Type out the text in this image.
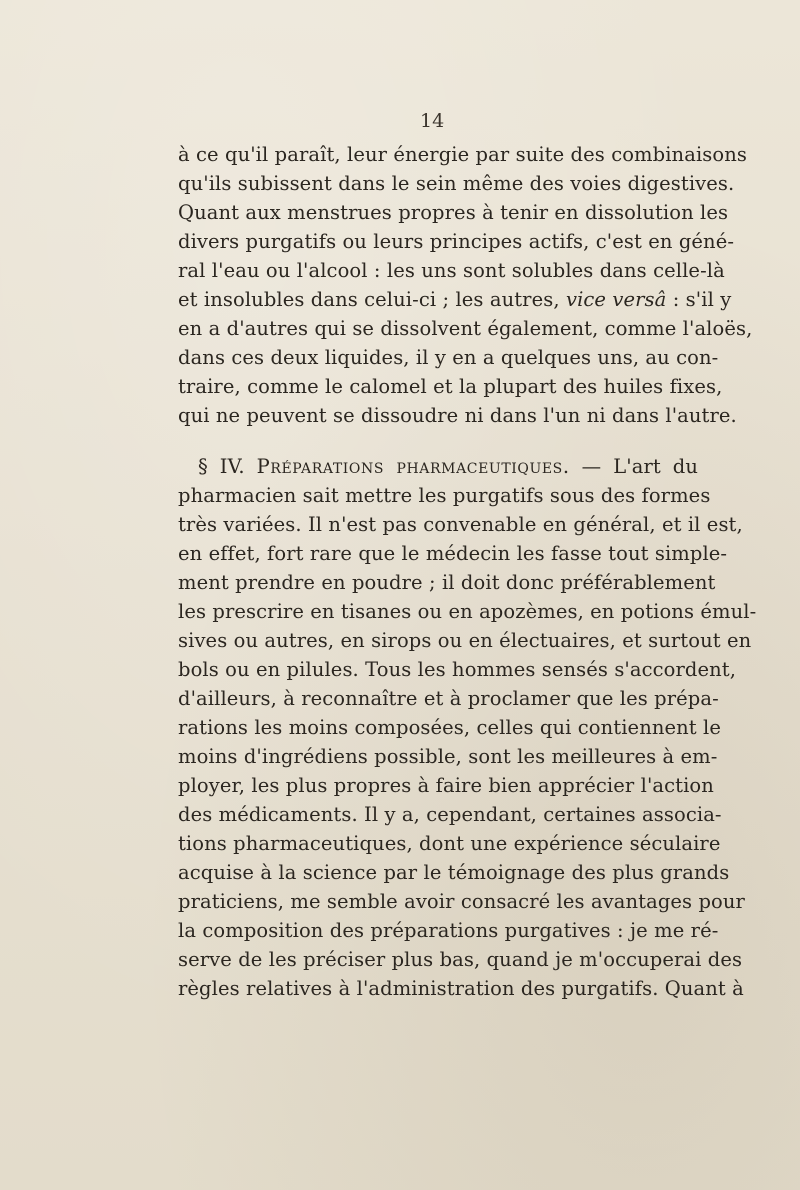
14
à ce qu'il paraît, leur énergie par suite des combinaisons
qu'ils subissent dans le sein même des voies digestives.
Quant aux menstrues propres à tenir en dissolution les
divers purgatifs ou leurs principes actifs, c'est en géné-
ral l'eau ou l'alcool : les uns sont solubles dans celle-là
et insolubles dans celui-ci ; les autres, vice versâ : s'il y
en a d'autres qui se dissolvent également, comme l'aloës,
dans ces deux liquides, il y en a quelques uns, au con-
traire, comme le calomel et la plupart des huiles fixes,
qui ne peuvent se dissoudre ni dans l'un ni dans l'autre.
§ IV. Préparations pharmaceutiques. — L'art du
pharmacien sait mettre les purgatifs sous des formes
très variées. Il n'est pas convenable en général, et il est,
en effet, fort rare que le médecin les fasse tout simple-
ment prendre en poudre ; il doit donc préférablement
les prescrire en tisanes ou en apozèmes, en potions émul-
sives ou autres, en sirops ou en électuaires, et surtout en
bols ou en pilules. Tous les hommes sensés s'accordent,
d'ailleurs, à reconnaître et à proclamer que les prépa-
rations les moins composées, celles qui contiennent le
moins d'ingrédiens possible, sont les meilleures à em-
ployer, les plus propres à faire bien apprécier l'action
des médicaments. Il y a, cependant, certaines associa-
tions pharmaceutiques, dont une expérience séculaire
acquise à la science par le témoignage des plus grands
praticiens, me semble avoir consacré les avantages pour
la composition des préparations purgatives : je me ré-
serve de les préciser plus bas, quand je m'occuperai des
règles relatives à l'administration des purgatifs. Quant à
